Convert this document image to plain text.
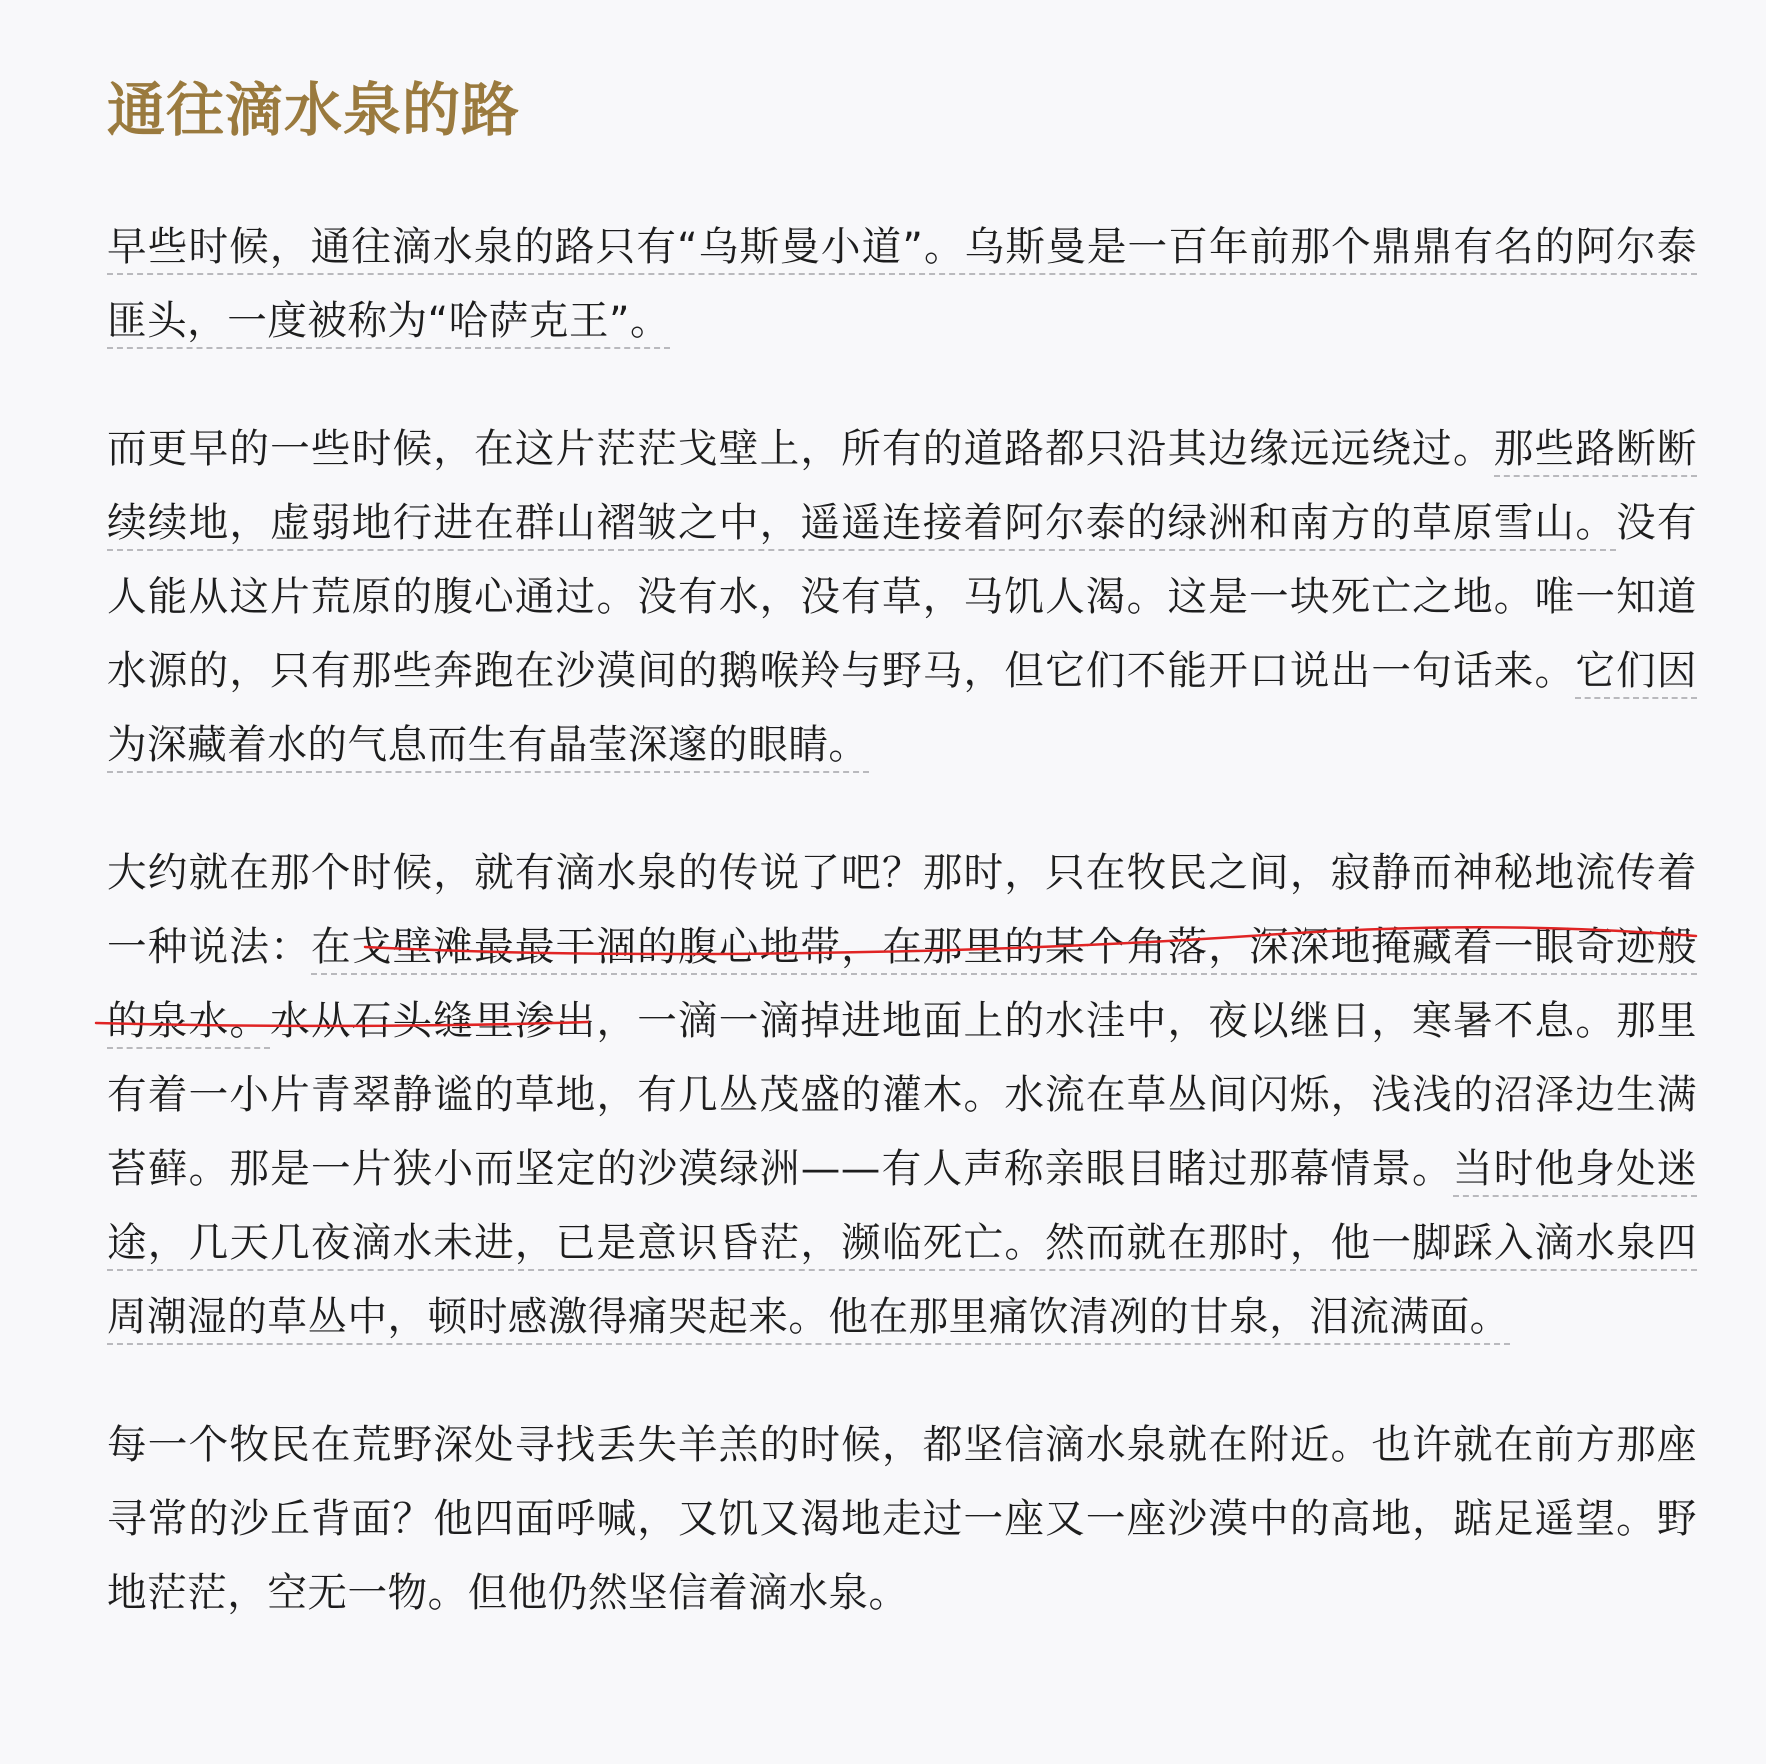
通往滴水泉的路

早些时候，通往滴水泉的路只有“乌斯曼小道”。乌斯曼是一百年前那个鼎鼎有名的阿尔泰匪头，一度被称为“哈萨克王”。

而更早的一些时候，在这片茫茫戈壁上，所有的道路都只沿其边缘远远绕过。那些路断断续续地，虚弱地行进在群山褶皱之中，遥遥连接着阿尔泰的绿洲和南方的草原雪山。没有人能从这片荒原的腹心通过。没有水，没有草，马饥人渴。这是一块死亡之地。唯一知道水源的，只有那些奔跑在沙漠间的鹅喉羚与野马，但它们不能开口说出一句话来。它们因为深藏着水的气息而生有晶莹深邃的眼睛。

大约就在那个时候，就有滴水泉的传说了吧？那时，只在牧民之间，寂静而神秘地流传着一种说法：在戈壁滩最最干涸的腹心地带，在那里的某个角落，深深地掩藏着一眼奇迹般的泉水。水从石头缝里渗出，一滴一滴掉进地面上的水洼中，夜以继日，寒暑不息。那里有着一小片青翠静谧的草地，有几丛茂盛的灌木。水流在草丛间闪烁，浅浅的沼泽边生满苔藓。那是一片狭小而坚定的沙漠绿洲——有人声称亲眼目睹过那幕情景。当时他身处迷途，几天几夜滴水未进，已是意识昏茫，濒临死亡。然而就在那时，他一脚踩入滴水泉四周潮湿的草丛中，顿时感激得痛哭起来。他在那里痛饮清冽的甘泉，泪流满面。

每一个牧民在荒野深处寻找丢失羊羔的时候，都坚信滴水泉就在附近。也许就在前方那座寻常的沙丘背面？他四面呼喊，又饥又渴地走过一座又一座沙漠中的高地，踮足遥望。野地茫茫，空无一物。但他仍然坚信着滴水泉。
